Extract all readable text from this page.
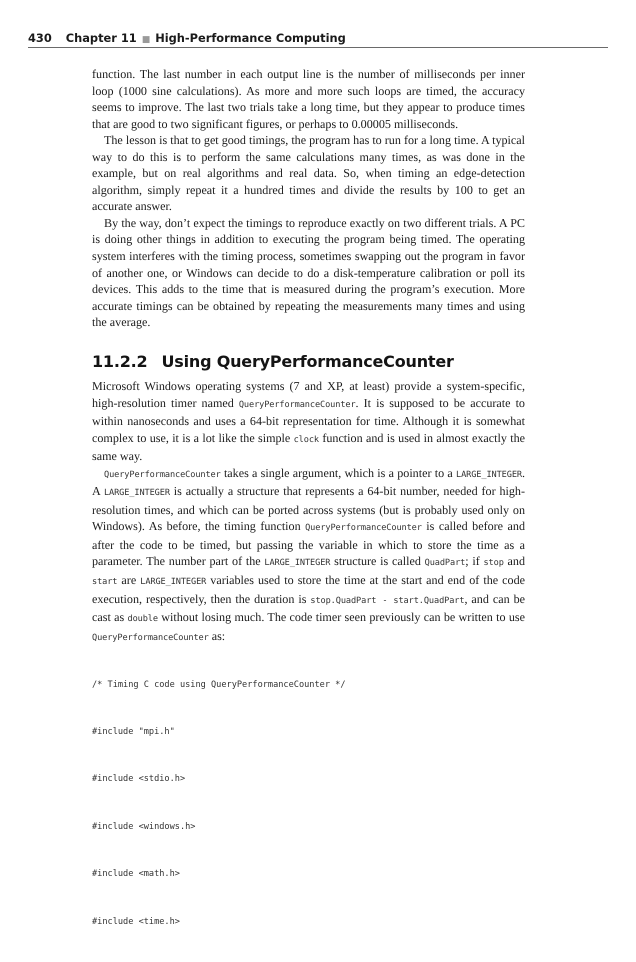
430 Chapter 11 ■ High-Performance Computing

function. The last number in each output line is the number of milliseconds per inner loop (1000 sine calculations). As more and more such loops are timed, the accuracy seems to improve. The last two trials take a long time, but they appear to produce times that are good to two significant figures, or perhaps to 0.00005 milliseconds.

The lesson is that to get good timings, the program has to run for a long time. A typical way to do this is to perform the same calculations many times, as was done in the example, but on real algorithms and real data. So, when timing an edge-detection algorithm, simply repeat it a hundred times and divide the results by 100 to get an accurate answer.

By the way, don’t expect the timings to reproduce exactly on two different trials. A PC is doing other things in addition to executing the program being timed. The operating system interferes with the timing process, sometimes swapping out the program in favor of another one, or Windows can decide to do a disk-temperature calibration or poll its devices. This adds to the time that is measured during the program’s execution. More accurate timings can be obtained by repeating the measurements many times and using the average.

11.2.2 Using QueryPerformanceCounter

Microsoft Windows operating systems (7 and XP, at least) provide a system-specific, high-resolution timer named QueryPerformanceCounter. It is supposed to be accurate to within nanoseconds and uses a 64-bit representation for time. Although it is somewhat complex to use, it is a lot like the simple clock function and is used in almost exactly the same way.

QueryPerformanceCounter takes a single argument, which is a pointer to a LARGE_INTEGER. A LARGE_INTEGER is actually a structure that represents a 64-bit number, needed for high-resolution times, and which can be ported across systems (but is probably used only on Windows). As before, the timing function QueryPerformanceCounter is called before and after the code to be timed, but passing the variable in which to store the time as a parameter. The number part of the LARGE_INTEGER structure is called QuadPart; if stop and start are LARGE_INTEGER variables used to store the time at the start and end of the code execution, respectively, then the duration is stop.QuadPart - start.QuadPart, and can be cast as double without losing much. The code timer seen previously can be written to use QueryPerformanceCounter as:

/* Timing C code using QueryPerformanceCounter */

#include "mpi.h"

#include <stdio.h>

#include <windows.h>

#include <math.h>

#include <time.h>
